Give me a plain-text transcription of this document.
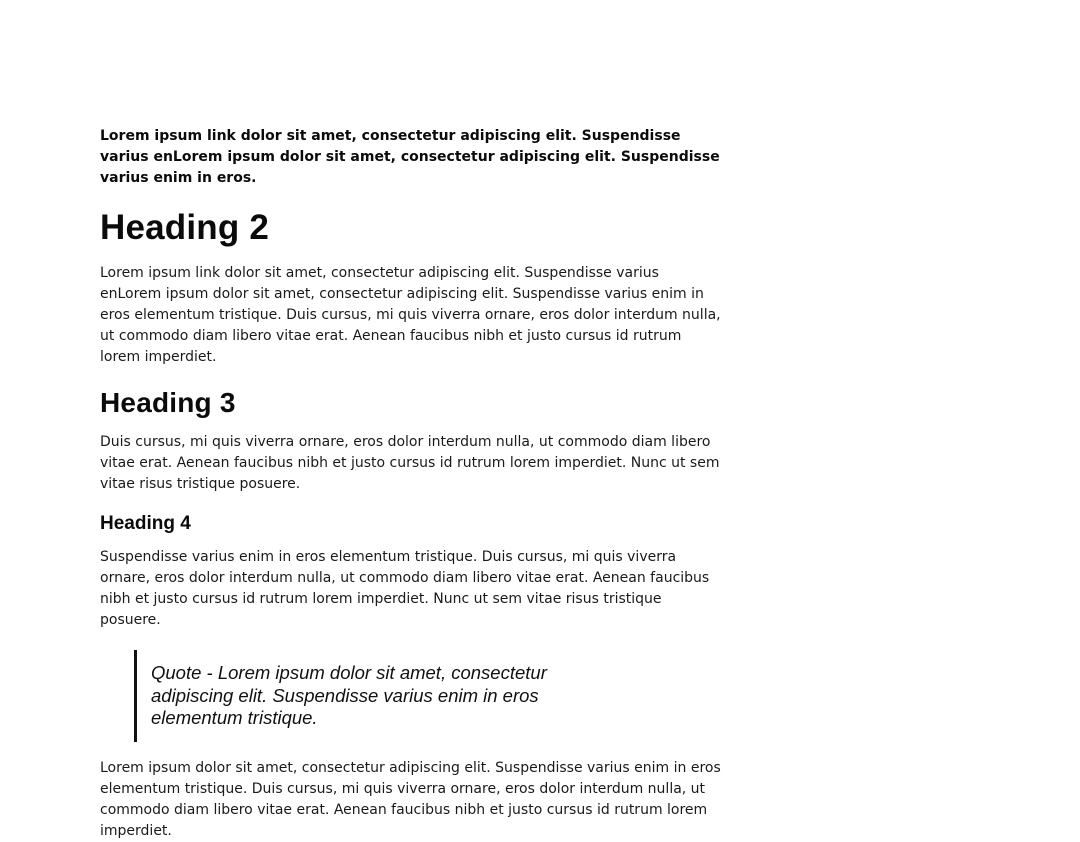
Lorem ipsum link dolor sit amet, consectetur adipiscing elit. Suspendisse varius enLorem ipsum dolor sit amet, consectetur adipiscing elit. Suspendisse varius enim in eros.

Heading 2

Lorem ipsum link dolor sit amet, consectetur adipiscing elit. Suspendisse varius enLorem ipsum dolor sit amet, consectetur adipiscing elit. Suspendisse varius enim in eros elementum tristique. Duis cursus, mi quis viverra ornare, eros dolor interdum nulla, ut commodo diam libero vitae erat. Aenean faucibus nibh et justo cursus id rutrum lorem imperdiet.

Heading 3

Duis cursus, mi quis viverra ornare, eros dolor interdum nulla, ut commodo diam libero vitae erat. Aenean faucibus nibh et justo cursus id rutrum lorem imperdiet. Nunc ut sem vitae risus tristique posuere.

Heading 4

Suspendisse varius enim in eros elementum tristique. Duis cursus, mi quis viverra ornare, eros dolor interdum nulla, ut commodo diam libero vitae erat. Aenean faucibus nibh et justo cursus id rutrum lorem imperdiet. Nunc ut sem vitae risus tristique posuere.

Quote - Lorem ipsum dolor sit amet, consectetur adipiscing elit. Suspendisse varius enim in eros elementum tristique.

Lorem ipsum dolor sit amet, consectetur adipiscing elit. Suspendisse varius enim in eros elementum tristique. Duis cursus, mi quis viverra ornare, eros dolor interdum nulla, ut commodo diam libero vitae erat. Aenean faucibus nibh et justo cursus id rutrum lorem imperdiet.
